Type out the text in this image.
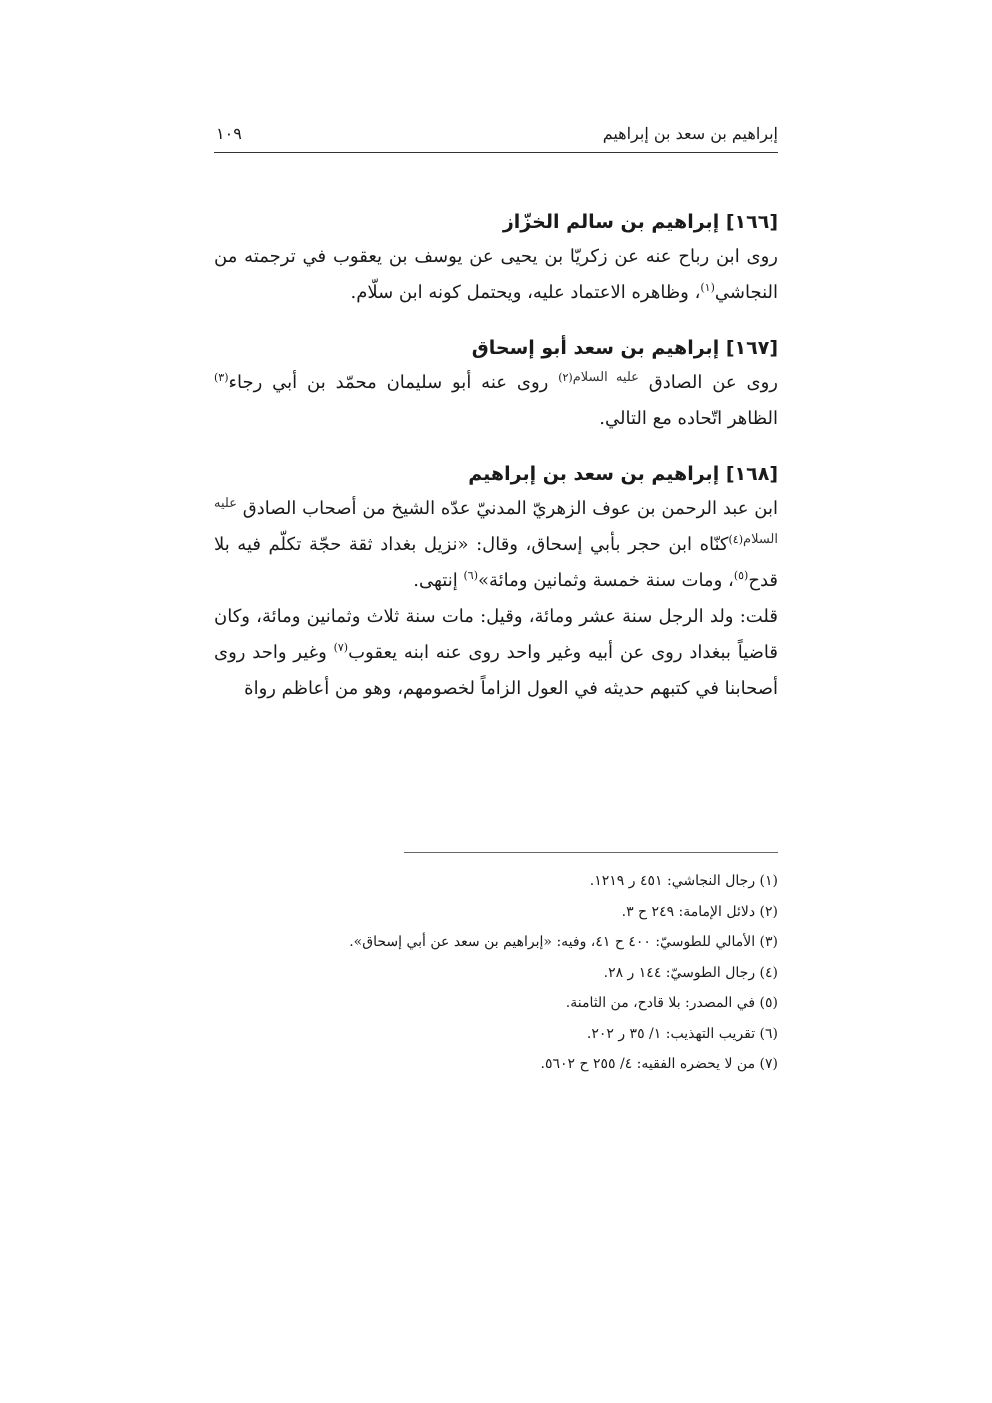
إبراهيم بن سعد بن إبراهيم
١٠٩
[١٦٦] إبراهيم بن سالم الخزّاز

روى ابن رباح عنه عن زكريّا بن يحيى عن يوسف بن يعقوب في ترجمته من النجاشي$^{(١)}$، وظاهره الاعتماد عليه، ويحتمل كونه ابن سلّام.

[١٦٧] إبراهيم بن سعد أبو إسحاق

روى عن الصادق $^{عليه السلام(٢)}$ روى عنه أبو سليمان محمّد بن أبي رجاء$^{(٣)}$ الظاهر اتّحاده مع التالي.

[١٦٨] إبراهيم بن سعد بن إبراهيم

ابن عبد الرحمن بن عوف الزهريّ المدنيّ عدّه الشيخ من أصحاب الصادق $^{عليه السلام(٤)}$كنّاه ابن حجر بأبي إسحاق، وقال: «نزيل بغداد ثقة حجّة تكلّم فيه بلا قدح$^{(٥)}$، ومات سنة خمسة وثمانين ومائة»$^{(٦)}$ إنتهى.

قلت: ولد الرجل سنة عشر ومائة، وقيل: مات سنة ثلاث وثمانين ومائة، وكان قاضياً ببغداد روى عن أبيه وغير واحد روى عنه ابنه يعقوب$^{(٧)}$ وغير واحد روى أصحابنا في كتبهم حديثه في العول الزاماً لخصومهم، وهو من أعاظم رواة

(١) رجال النجاشي: ٤٥١ ر ١٢١٩.
(٢) دلائل الإمامة: ٢٤٩ ح ٣.
(٣) الأمالي للطوسيّ: ٤٠٠ ح ٤١، وفيه: «إبراهيم بن سعد عن أبي إسحاق».
(٤) رجال الطوسيّ: ١٤٤ ر ٢٨.
(٥) في المصدر: بلا قادح، من الثامنة.
(٦) تقريب التهذيب: ١/ ٣٥ ر ٢٠٢.
(٧) من لا يحضره الفقيه: ٤/ ٢٥٥ ح ٥٦٠٢.
